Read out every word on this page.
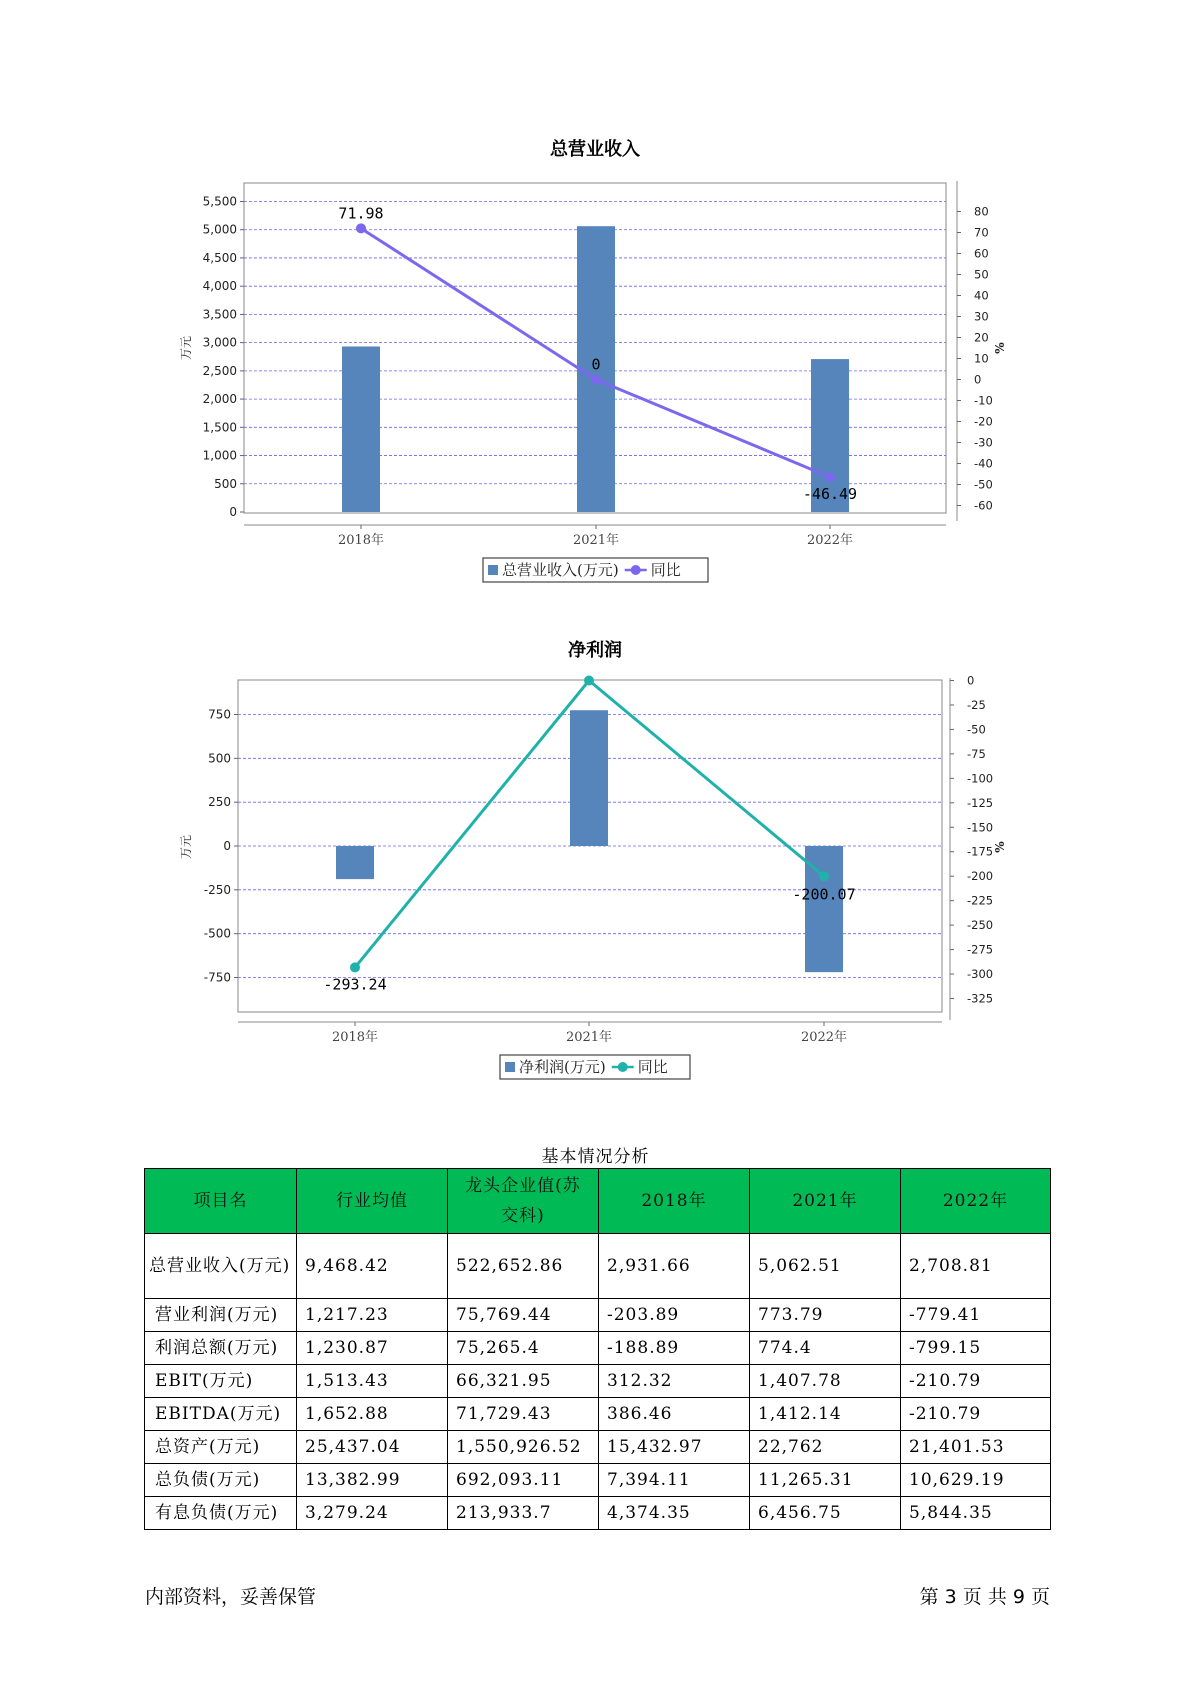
总营业收入
0
500
1,000
1,500
2,000
2,500
3,000
3,500
4,000
4,500
5,000
5,500
80
70
60
50
40
30
20
10
0
-10
-20
-30
-40
-50
-60
万元	%
2018年	2021年	2022年
71.98
0
-46.49
总营业收入(万元) 同比
净利润
-750
-500
-250
0
250
500
750
0
-25
-50
-75
-100
-125
-150
-175
-200
-225
-250
-275
-300
-325
万元	%
2018年	2021年	2022年
-293.24
-200.07
净利润(万元) 同比
基本情况分析
项目名	行业均值	龙头企业值(苏交科)	2018年	2021年	2022年
总营业收入(万元)	9,468.42	522,652.86	2,931.66	5,062.51	2,708.81
营业利润(万元)	1,217.23	75,769.44	-203.89	773.79	-779.41
利润总额(万元)	1,230.87	75,265.4	-188.89	774.4	-799.15
EBIT(万元)	1,513.43	66,321.95	312.32	1,407.78	-210.79
EBITDA(万元)	1,652.88	71,729.43	386.46	1,412.14	-210.79
总资产(万元)	25,437.04	1,550,926.52	15,432.97	22,762	21,401.53
总负债(万元)	13,382.99	692,093.11	7,394.11	11,265.31	10,629.19
有息负债(万元)	3,279.24	213,933.7	4,374.35	6,456.75	5,844.35
内部资料，妥善保管	第 3 页 共 9 页
